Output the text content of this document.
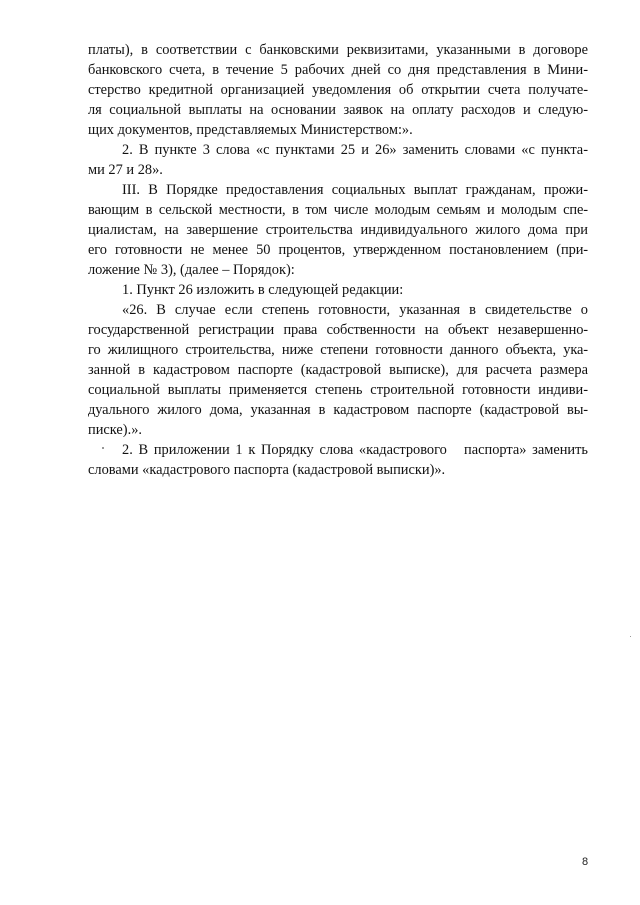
платы), в соответствии с банковскими реквизитами, указанными в договоре
банковского счета, в течение 5 рабочих дней со дня представления в Мини-
стерство кредитной организацией уведомления об открытии счета получате-
ля социальной выплаты на основании заявок на оплату расходов и следую-
щих документов, представляемых Министерством:».
2. В пункте 3 слова «с пунктами 25 и 26» заменить словами «с пункта-
ми 27 и 28».
III. В Порядке предоставления социальных выплат гражданам, прожи-
вающим в сельской местности, в том числе молодым семьям и молодым спе-
циалистам, на завершение строительства индивидуального жилого дома при
его готовности не менее 50 процентов, утвержденном постановлением (при-
ложение № 3), (далее – Порядок):
1. Пункт 26 изложить в следующей редакции:
«26. В случае если степень готовности, указанная в свидетельстве о
государственной регистрации права собственности на объект незавершенно-
го жилищного строительства, ниже степени готовности данного объекта, ука-
занной в кадастровом паспорте (кадастровой выписке), для расчета размера
социальной выплаты применяется степень строительной готовности индиви-
дуального жилого дома, указанная в кадастровом паспорте (кадастровой вы-
писке).».
2. В приложении 1 к Порядку слова «кадастрового   паспорта» заменить
словами «кадастрового паспорта (кадастровой выписки)».
8
